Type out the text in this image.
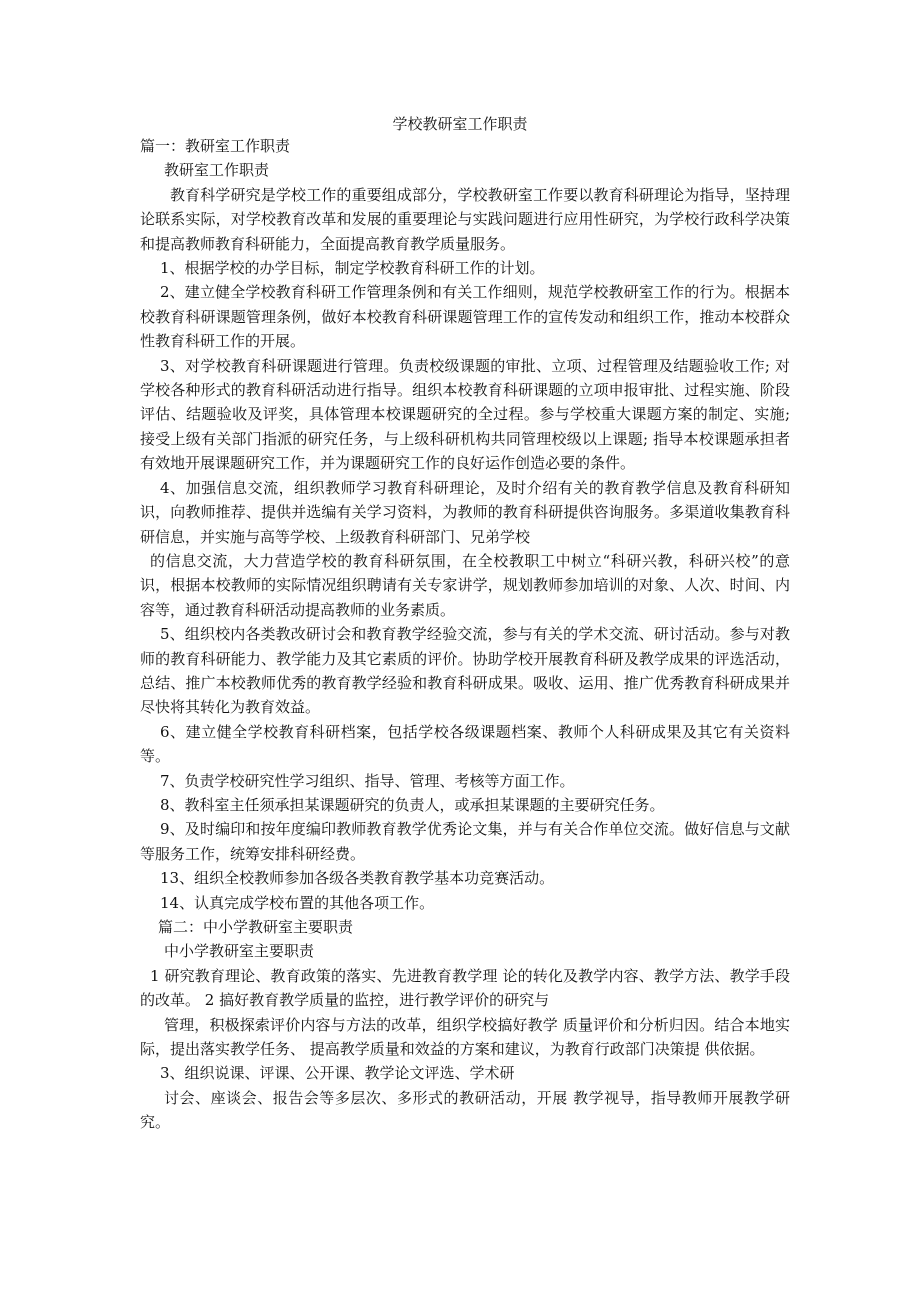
学校教研室工作职责

篇一：教研室工作职责

教研室工作职责

教育科学研究是学校工作的重要组成部分，学校教研室工作要以教育科研理论为指导，坚持理论联系实际，对学校教育改革和发展的重要理论与实践问题进行应用性研究，为学校行政科学决策和提高教师教育科研能力，全面提高教育教学质量服务。

1、根据学校的办学目标，制定学校教育科研工作的计划。

2、建立健全学校教育科研工作管理条例和有关工作细则，规范学校教研室工作的行为。根据本校教育科研课题管理条例，做好本校教育科研课题管理工作的宣传发动和组织工作，推动本校群众性教育科研工作的开展。

3、对学校教育科研课题进行管理。负责校级课题的审批、立项、过程管理及结题验收工作; 对学校各种形式的教育科研活动进行指导。组织本校教育科研课题的立项申报审批、过程实施、阶段评估、结题验收及评奖，具体管理本校课题研究的全过程。参与学校重大课题方案的制定、实施; 接受上级有关部门指派的研究任务，与上级科研机构共同管理校级以上课题; 指导本校课题承担者有效地开展课题研究工作，并为课题研究工作的良好运作创造必要的条件。

4、加强信息交流，组织教师学习教育科研理论，及时介绍有关的教育教学信息及教育科研知识，向教师推荐、提供并选编有关学习资料，为教师的教育科研提供咨询服务。多渠道收集教育科研信息，并实施与高等学校、上级教育科研部门、兄弟学校

的信息交流，大力营造学校的教育科研氛围，在全校教职工中树立“科研兴教，科研兴校”的意识，根据本校教师的实际情况组织聘请有关专家讲学，规划教师参加培训的对象、人次、时间、内容等，通过教育科研活动提高教师的业务素质。

5、组织校内各类教改研讨会和教育教学经验交流，参与有关的学术交流、研讨活动。参与对教师的教育科研能力、教学能力及其它素质的评价。协助学校开展教育科研及教学成果的评选活动，总结、推广本校教师优秀的教育教学经验和教育科研成果。吸收、运用、推广优秀教育科研成果并尽快将其转化为教育效益。

6、建立健全学校教育科研档案，包括学校各级课题档案、教师个人科研成果及其它有关资料等。

7、负责学校研究性学习组织、指导、管理、考核等方面工作。

8、教科室主任须承担某课题研究的负责人，或承担某课题的主要研究任务。

9、及时编印和按年度编印教师教育教学优秀论文集，并与有关合作单位交流。做好信息与文献等服务工作，统筹安排科研经费。

13、组织全校教师参加各级各类教育教学基本功竞赛活动。

14、认真完成学校布置的其他各项工作。

篇二：中小学教研室主要职责

中小学教研室主要职责

1 研究教育理论、教育政策的落实、先进教育教学理 论的转化及教学内容、教学方法、教学手段的改革。 2 搞好教育教学质量的监控，进行教学评价的研究与

管理，积极探索评价内容与方法的改革，组织学校搞好教学 质量评价和分析归因。结合本地实际，提出落实教学任务、 提高教学质量和效益的方案和建议，为教育行政部门决策提 供依据。

3、组织说课、评课、公开课、教学论文评选、学术研

讨会、座谈会、报告会等多层次、多形式的教研活动，开展 教学视导，指导教师开展教学研究。
